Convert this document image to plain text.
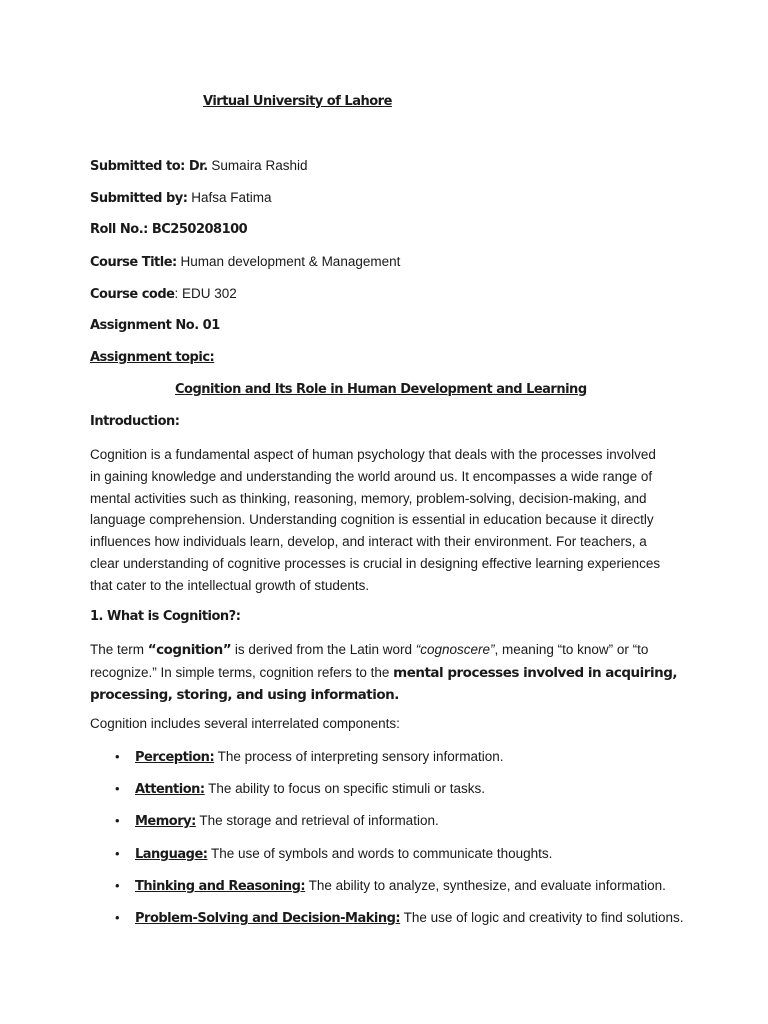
Virtual University of Lahore
Submitted to: Dr. Sumaira Rashid
Submitted by: Hafsa Fatima
Roll No.: BC250208100
Course Title: Human development & Management
Course code: EDU 302
Assignment No. 01
Assignment topic:
Cognition and Its Role in Human Development and Learning
Introduction:
Cognition is a fundamental aspect of human psychology that deals with the processes involved
in gaining knowledge and understanding the world around us. It encompasses a wide range of
mental activities such as thinking, reasoning, memory, problem-solving, decision-making, and
language comprehension. Understanding cognition is essential in education because it directly
influences how individuals learn, develop, and interact with their environment. For teachers, a
clear understanding of cognitive processes is crucial in designing effective learning experiences
that cater to the intellectual growth of students.
1. What is Cognition?:
The term “cognition” is derived from the Latin word “cognoscere”, meaning “to know” or “to
recognize.” In simple terms, cognition refers to the mental processes involved in acquiring,
processing, storing, and using information.
Cognition includes several interrelated components:
• Perception: The process of interpreting sensory information.
• Attention: The ability to focus on specific stimuli or tasks.
• Memory: The storage and retrieval of information.
• Language: The use of symbols and words to communicate thoughts.
• Thinking and Reasoning: The ability to analyze, synthesize, and evaluate information.
• Problem-Solving and Decision-Making: The use of logic and creativity to find solutions.
